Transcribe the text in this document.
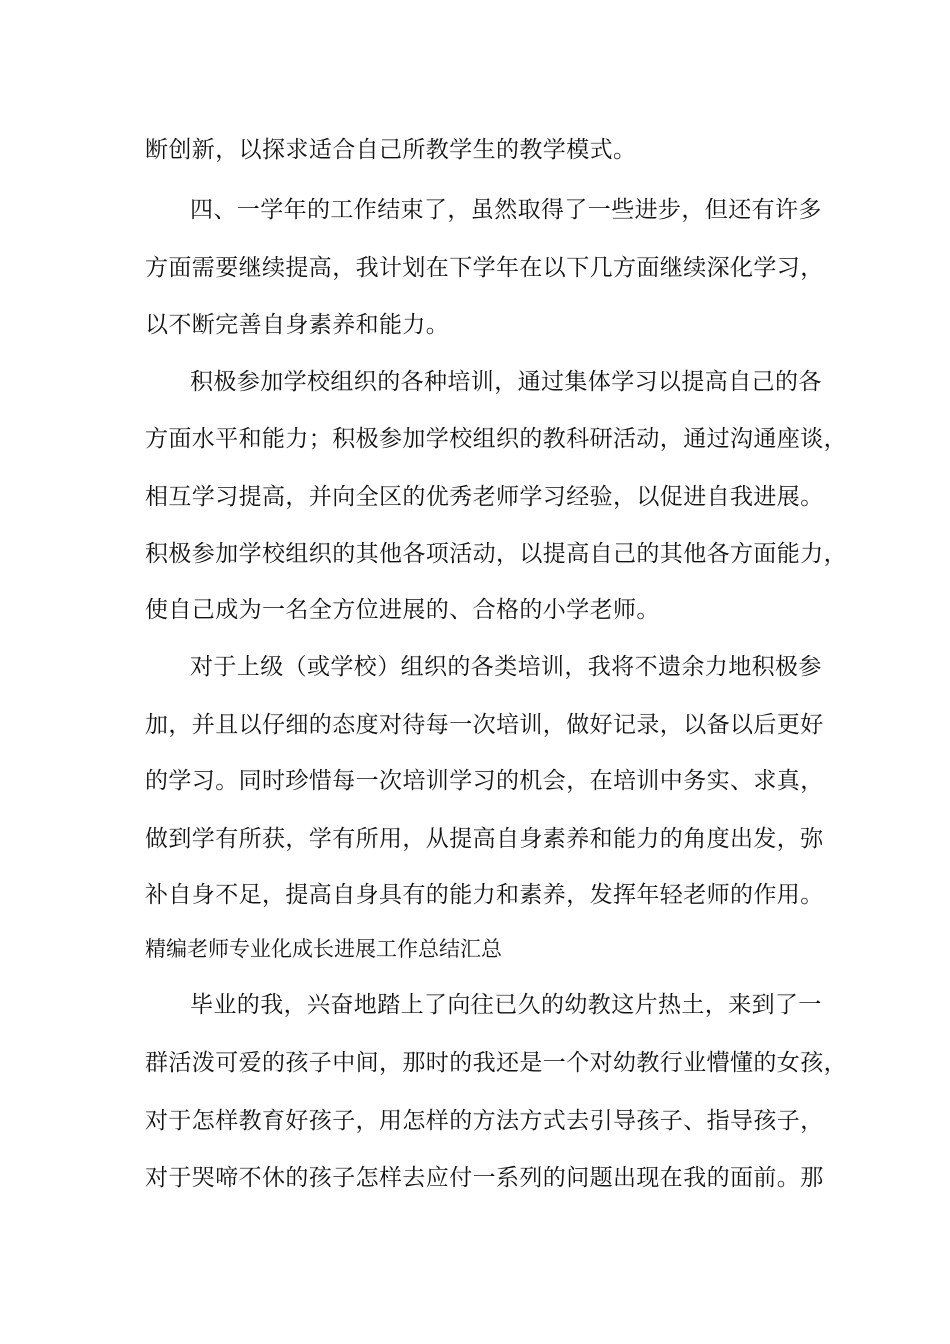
断创新，以探求适合自己所教学生的教学模式。
四、一学年的工作结束了，虽然取得了一些进步，但还有许多
方面需要继续提高，我计划在下学年在以下几方面继续深化学习，
以不断完善自身素养和能力。
积极参加学校组织的各种培训，通过集体学习以提高自己的各
方面水平和能力；积极参加学校组织的教科研活动，通过沟通座谈，
相互学习提高，并向全区的优秀老师学习经验，以促进自我进展。
积极参加学校组织的其他各项活动，以提高自己的其他各方面能力，
使自己成为一名全方位进展的、合格的小学老师。
对于上级（或学校）组织的各类培训，我将不遗余力地积极参
加，并且以仔细的态度对待每一次培训，做好记录，以备以后更好
的学习。同时珍惜每一次培训学习的机会，在培训中务实、求真，
做到学有所获，学有所用，从提高自身素养和能力的角度出发，弥
补自身不足，提高自身具有的能力和素养，发挥年轻老师的作用。
精编老师专业化成长进展工作总结汇总
毕业的我，兴奋地踏上了向往已久的幼教这片热土，来到了一
群活泼可爱的孩子中间，那时的我还是一个对幼教行业懵懂的女孩，
对于怎样教育好孩子，用怎样的方法方式去引导孩子、指导孩子，
对于哭啼不休的孩子怎样去应付一系列的问题出现在我的面前。那
